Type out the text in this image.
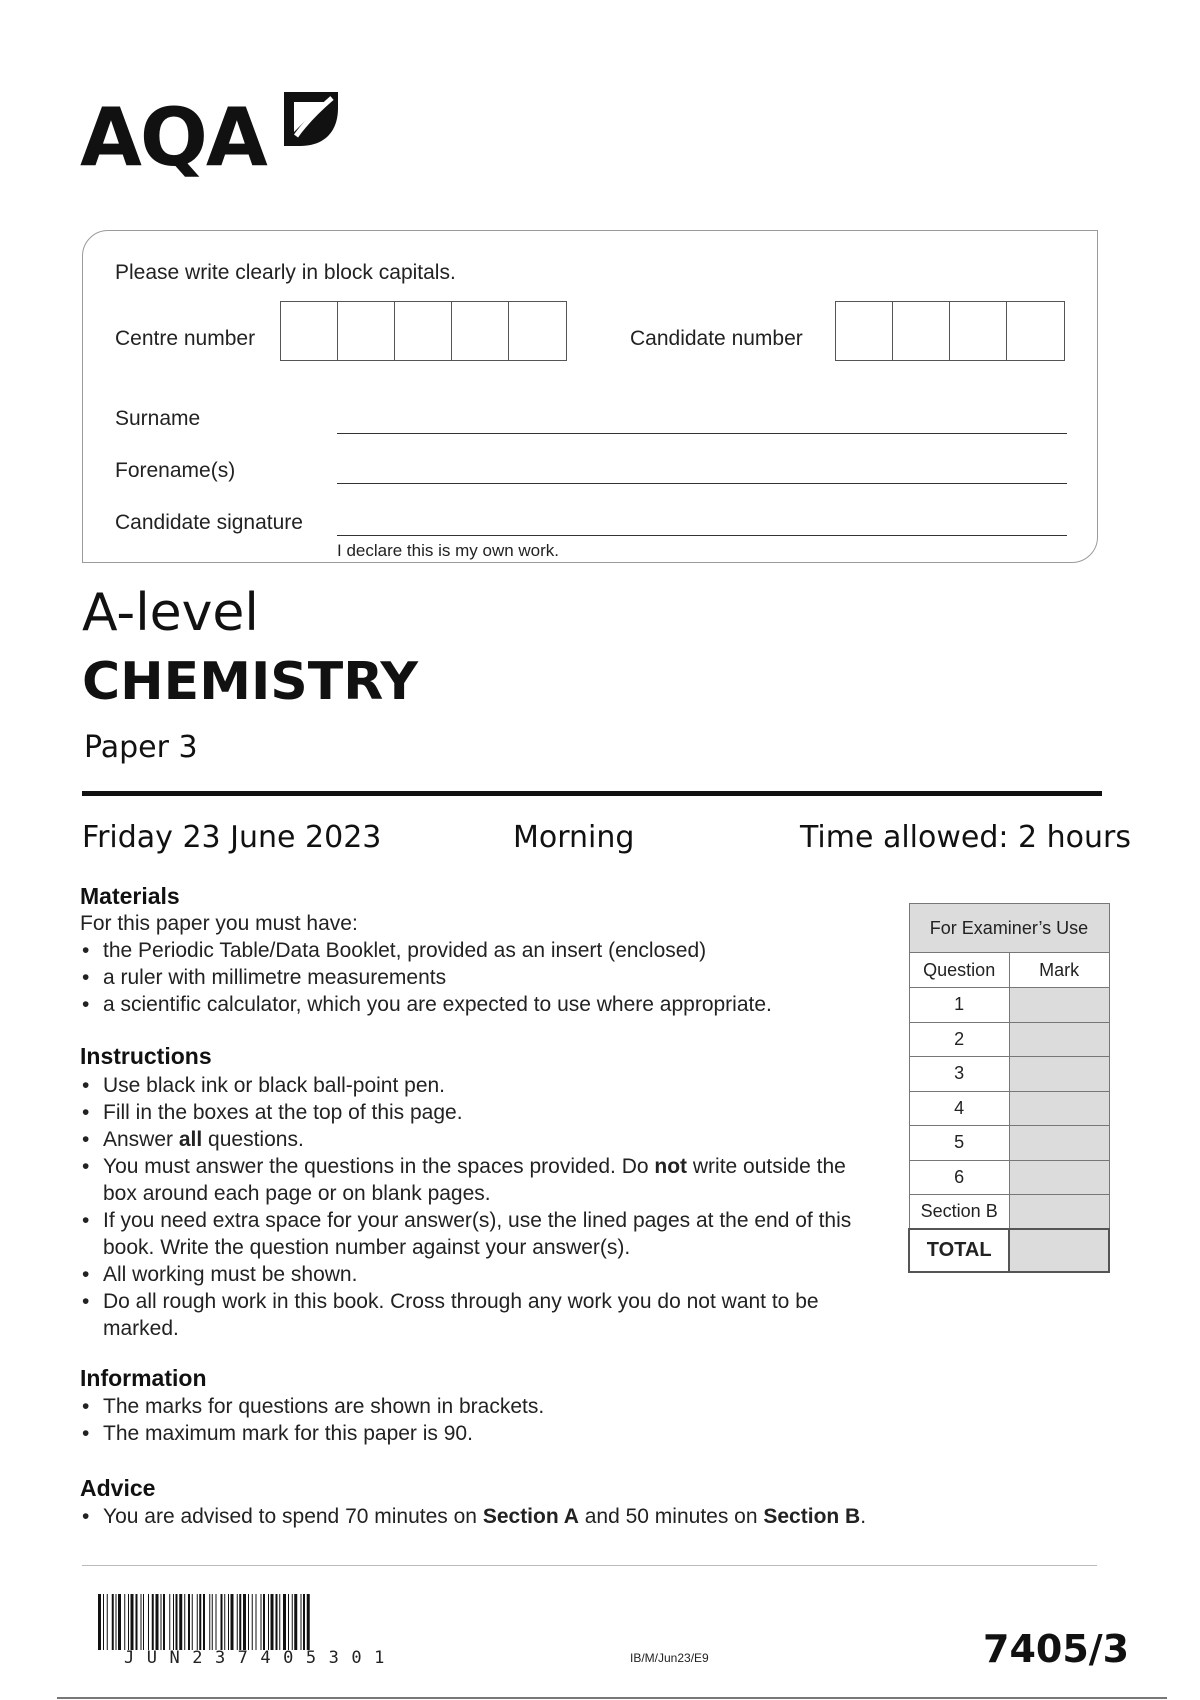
AQA
Please write clearly in block capitals.
Centre number	Candidate number
Surname
Forename(s)
Candidate signature
I declare this is my own work.
A-level
CHEMISTRY
Paper 3
Friday 23 June 2023	Morning	Time allowed: 2 hours
Materials
For this paper you must have:
• the Periodic Table/Data Booklet, provided as an insert (enclosed)
• a ruler with millimetre measurements
• a scientific calculator, which you are expected to use where appropriate.
Instructions
• Use black ink or black ball-point pen.
• Fill in the boxes at the top of this page.
• Answer all questions.
• You must answer the questions in the spaces provided. Do not write outside the box around each page or on blank pages.
• If you need extra space for your answer(s), use the lined pages at the end of this book. Write the question number against your answer(s).
• All working must be shown.
• Do all rough work in this book. Cross through any work you do not want to be marked.
Information
• The marks for questions are shown in brackets.
• The maximum mark for this paper is 90.
Advice
• You are advised to spend 70 minutes on Section A and 50 minutes on Section B.
For Examiner’s Use	
Question	Mark
1	
2	
3	
4	
5	
6	
Section B	
TOTAL	
JUN237405301	IB/M/Jun23/E9	7405/3
